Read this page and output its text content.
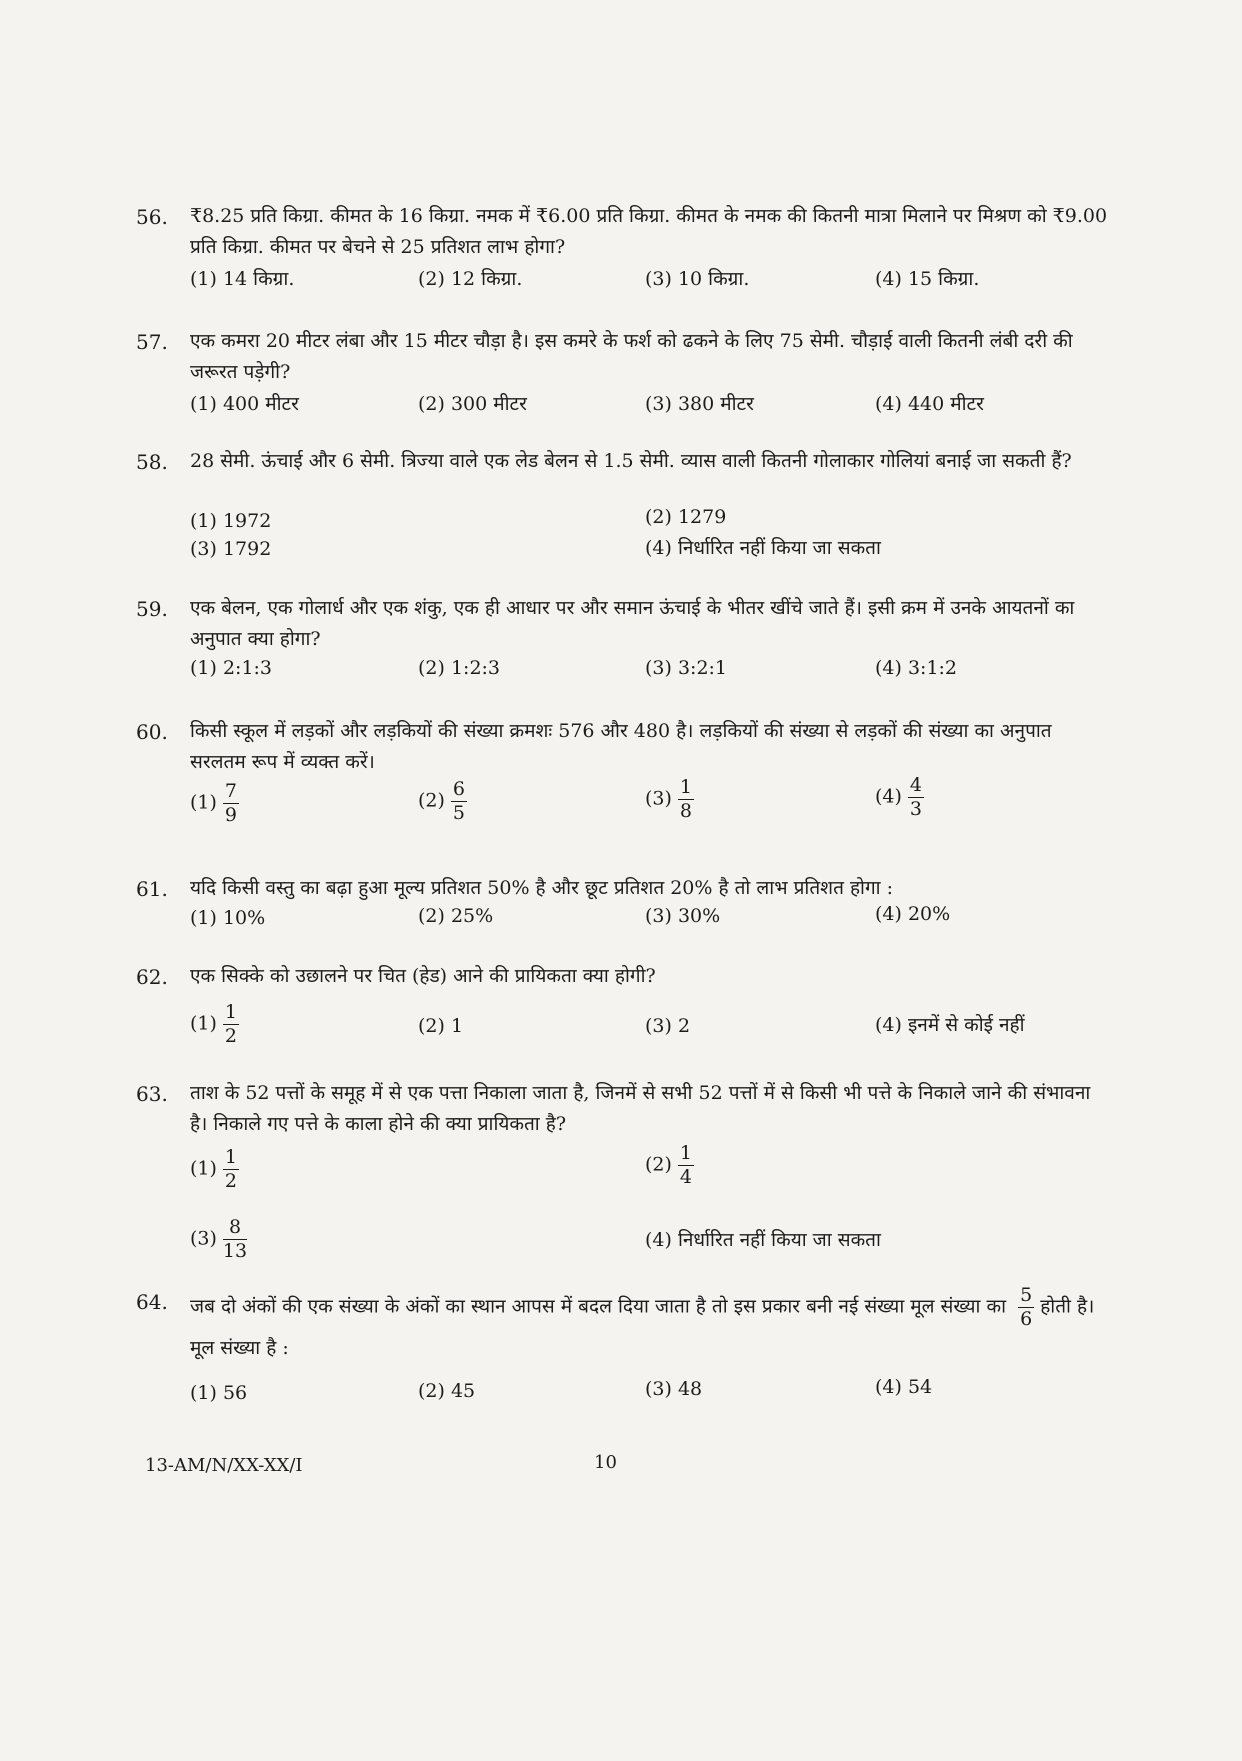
56. ₹8.25 प्रति किग्रा. कीमत के 16 किग्रा. नमक में ₹6.00 प्रति किग्रा. कीमत के नमक की कितनी मात्रा मिलाने पर मिश्रण को ₹9.00 प्रति किग्रा. कीमत पर बेचने से 25 प्रतिशत लाभ होगा?
(1) 14 किग्रा.	(2) 12 किग्रा.	(3) 10 किग्रा.	(4) 15 किग्रा.
57. एक कमरा 20 मीटर लंबा और 15 मीटर चौड़ा है। इस कमरे के फर्श को ढकने के लिए 75 सेमी. चौड़ाई वाली कितनी लंबी दरी की जरूरत पड़ेगी?
(1) 400 मीटर	(2) 300 मीटर	(3) 380 मीटर	(4) 440 मीटर
58. 28 सेमी. ऊंचाई और 6 सेमी. त्रिज्या वाले एक लेड बेलन से 1.5 सेमी. व्यास वाली कितनी गोलाकार गोलियां बनाई जा सकती हैं?
(1) 1972	(2) 1279
(3) 1792	(4) निर्धारित नहीं किया जा सकता
59. एक बेलन, एक गोलार्ध और एक शंकु, एक ही आधार पर और समान ऊंचाई के भीतर खींचे जाते हैं। इसी क्रम में उनके आयतनों का अनुपात क्या होगा?
(1) 2:1:3	(2) 1:2:3	(3) 3:2:1	(4) 3:1:2
60. किसी स्कूल में लड़कों और लड़कियों की संख्या क्रमशः 576 और 480 है। लड़कियों की संख्या से लड़कों की संख्या का अनुपात सरलतम रूप में व्यक्त करें।
$(1) \frac{7}{9}$	$(2) \frac{6}{5}$	$(3) \frac{1}{8}$	$(4) \frac{4}{3}$
61. यदि किसी वस्तु का बढ़ा हुआ मूल्य प्रतिशत 50% है और छूट प्रतिशत 20% है तो लाभ प्रतिशत होगा :
(1) 10%	(2) 25%	(3) 30%	(4) 20%
62. एक सिक्के को उछालने पर चित (हेड) आने की प्रायिकता क्या होगी?
$(1) \frac{1}{2}$	(2) 1	(3) 2	(4) इनमें से कोई नहीं
63. ताश के 52 पत्तों के समूह में से एक पत्ता निकाला जाता है, जिनमें से सभी 52 पत्तों में से किसी भी पत्ते के निकाले जाने की संभावना है। निकाले गए पत्ते के काला होने की क्या प्रायिकता है?
$(1) \frac{1}{2}$	$(2) \frac{1}{4}$
$(3) \frac{8}{13}$	(4) निर्धारित नहीं किया जा सकता
64. जब दो अंकों की एक संख्या के अंकों का स्थान आपस में बदल दिया जाता है तो इस प्रकार बनी नई संख्या मूल संख्या का $\frac{5}{6}$ होती है। मूल संख्या है :
(1) 56	(2) 45	(3) 48	(4) 54
13-AM/N/XX-XX/I	10
